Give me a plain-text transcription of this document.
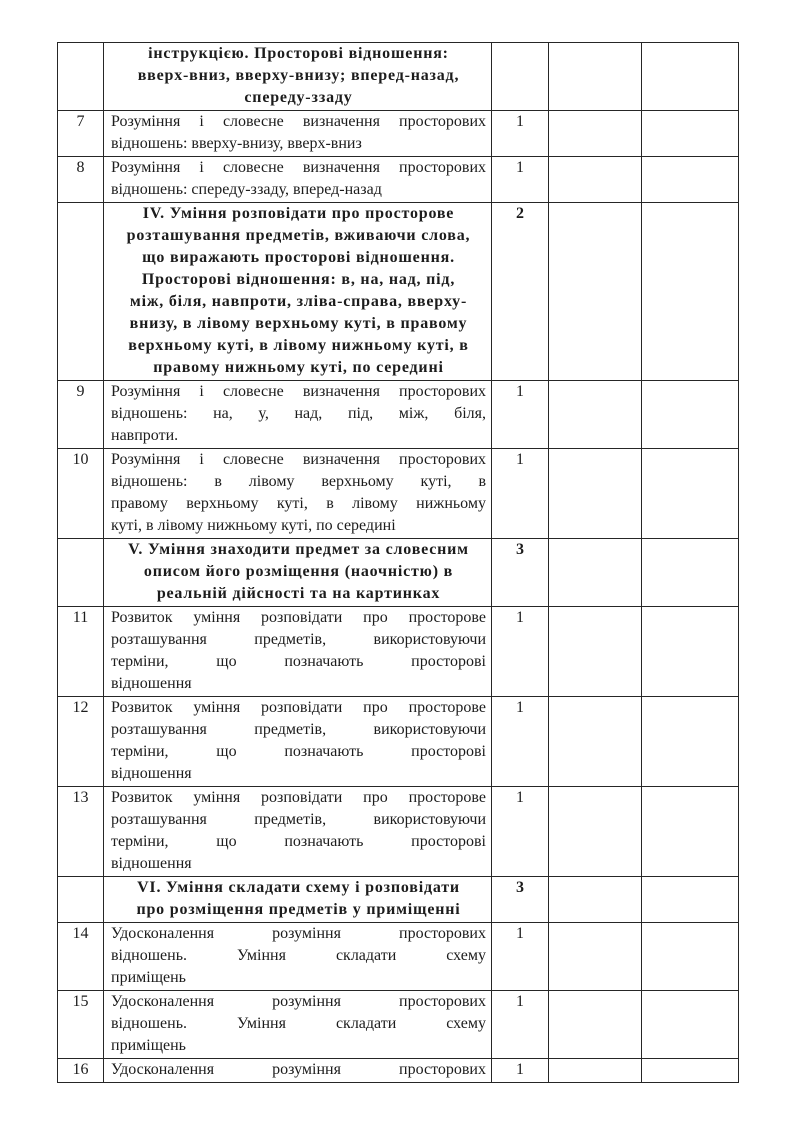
	інструкцією. Просторові відношення:
вверх-вниз, вверху-внизу; вперед-назад,
спереду-ззаду			

7	Розуміння і словесне визначення просторових
відношень: вверху-внизу, вверх-вниз	1		
8	Розуміння і словесне визначення просторових
відношень: спереду-ззаду, вперед-назад	1		

IV. Уміння розповідати про просторове
розташування предметів, вживаючи слова,
що виражають просторові відношення.
Просторові відношення: в, на, над, під,
між, біля, навпроти, зліва-справа, вверху-
внизу, в лівому верхньому куті, в правому
верхньому куті, в лівому нижньому куті, в
правому нижньому куті, по середині
	2		
9	Розуміння і словесне визначення просторових
відношень: на, у, над, під, між, біля,
навпроти.	1		
10	Розуміння і словесне визначення просторових
відношень: в лівому верхньому куті, в
правому верхньому куті, в лівому нижньому
куті, в лівому нижньому куті, по середині	1		

	V. Уміння знаходити предмет за словесним
описом його розміщення (наочністю) в
реальній дійсності та на картинках	3		
11	Розвиток уміння розповідати про просторове
розташування предметів, використовуючи
терміни, що позначають просторові
відношення	1		
12	Розвиток уміння розповідати про просторове
розташування предметів, використовуючи
терміни, що позначають просторові
відношення	1		
13	Розвиток уміння розповідати про просторове
розташування предметів, використовуючи
терміни, що позначають просторові
відношення	1		

	VI. Уміння складати схему і розповідати
про розміщення предметів у приміщенні	3		
14	Удосконалення розуміння просторових
відношень. Уміння складати схему
приміщень	1		
15	Удосконалення розуміння просторових
відношень. Уміння складати схему
приміщень	1		
16	Удосконалення розуміння просторових	1		
